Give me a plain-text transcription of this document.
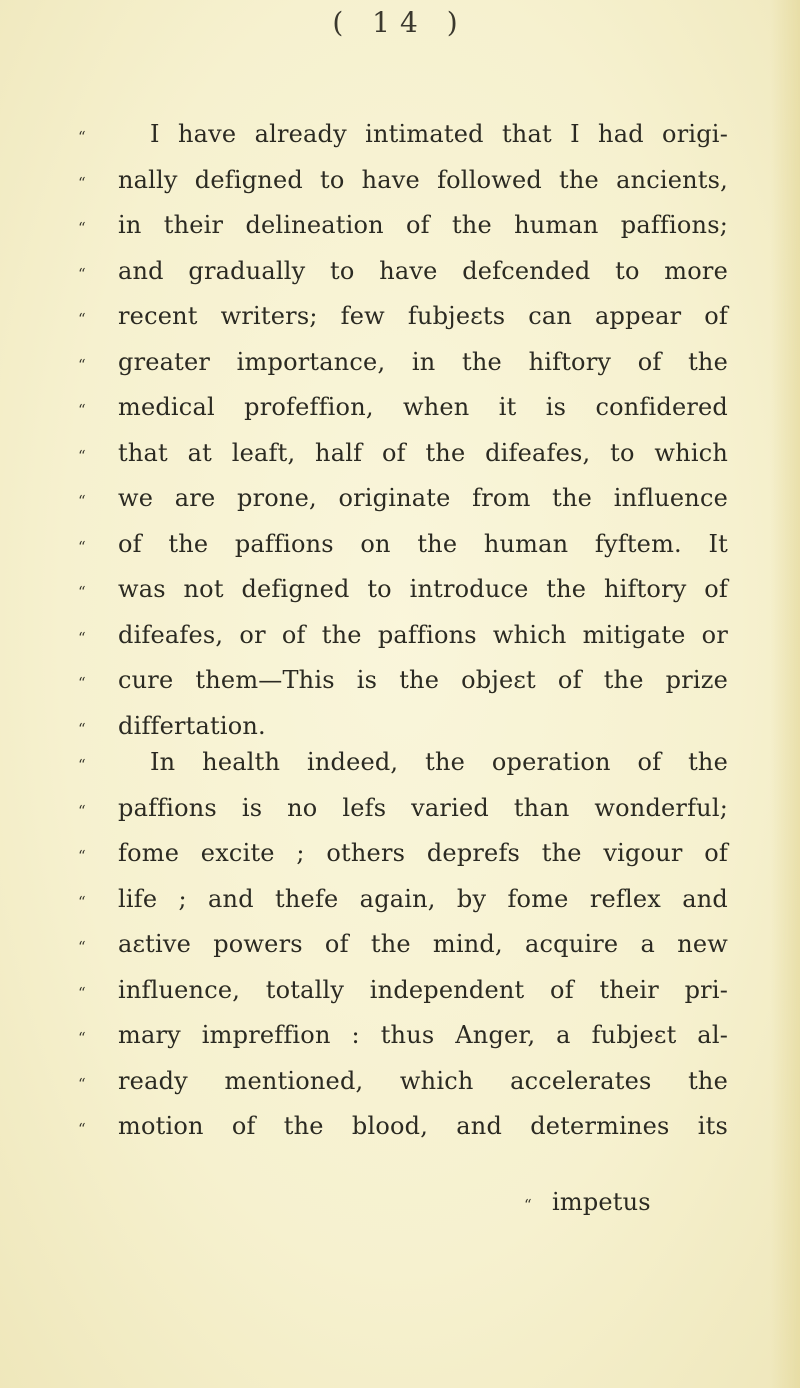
( 14 )
“	I have already intimated that I had origi-
“	nally defigned to have followed the ancients,
“	in their delineation of the human paffions;
“	and gradually to have defcended to more
“	recent writers; few fubjeɛts can appear of
“	greater importance, in the hiftory of the
“	medical profeffion, when it is confidered
“	that at leaft, half of the difeafes, to which
“	we are prone, originate from the influence
“	of the paffions on the human fyftem. It
“	was not defigned to introduce the hiftory of
“	difeafes, or of the paffions which mitigate or
“	cure them—This is the objeɛt of the prize
“	differtation.
“	In health indeed, the operation of the
“	paffions is no lefs varied than wonderful;
“	fome excite ; others deprefs the vigour of
“	life ; and thefe again, by fome reflex and
“	aɛtive powers of the mind, acquire a new
“	influence, totally independent of their pri-
“	mary impreffion : thus Anger, a fubjeɛt al-
“	ready mentioned, which accelerates the
“	motion of the blood, and determines its
“ impetus
